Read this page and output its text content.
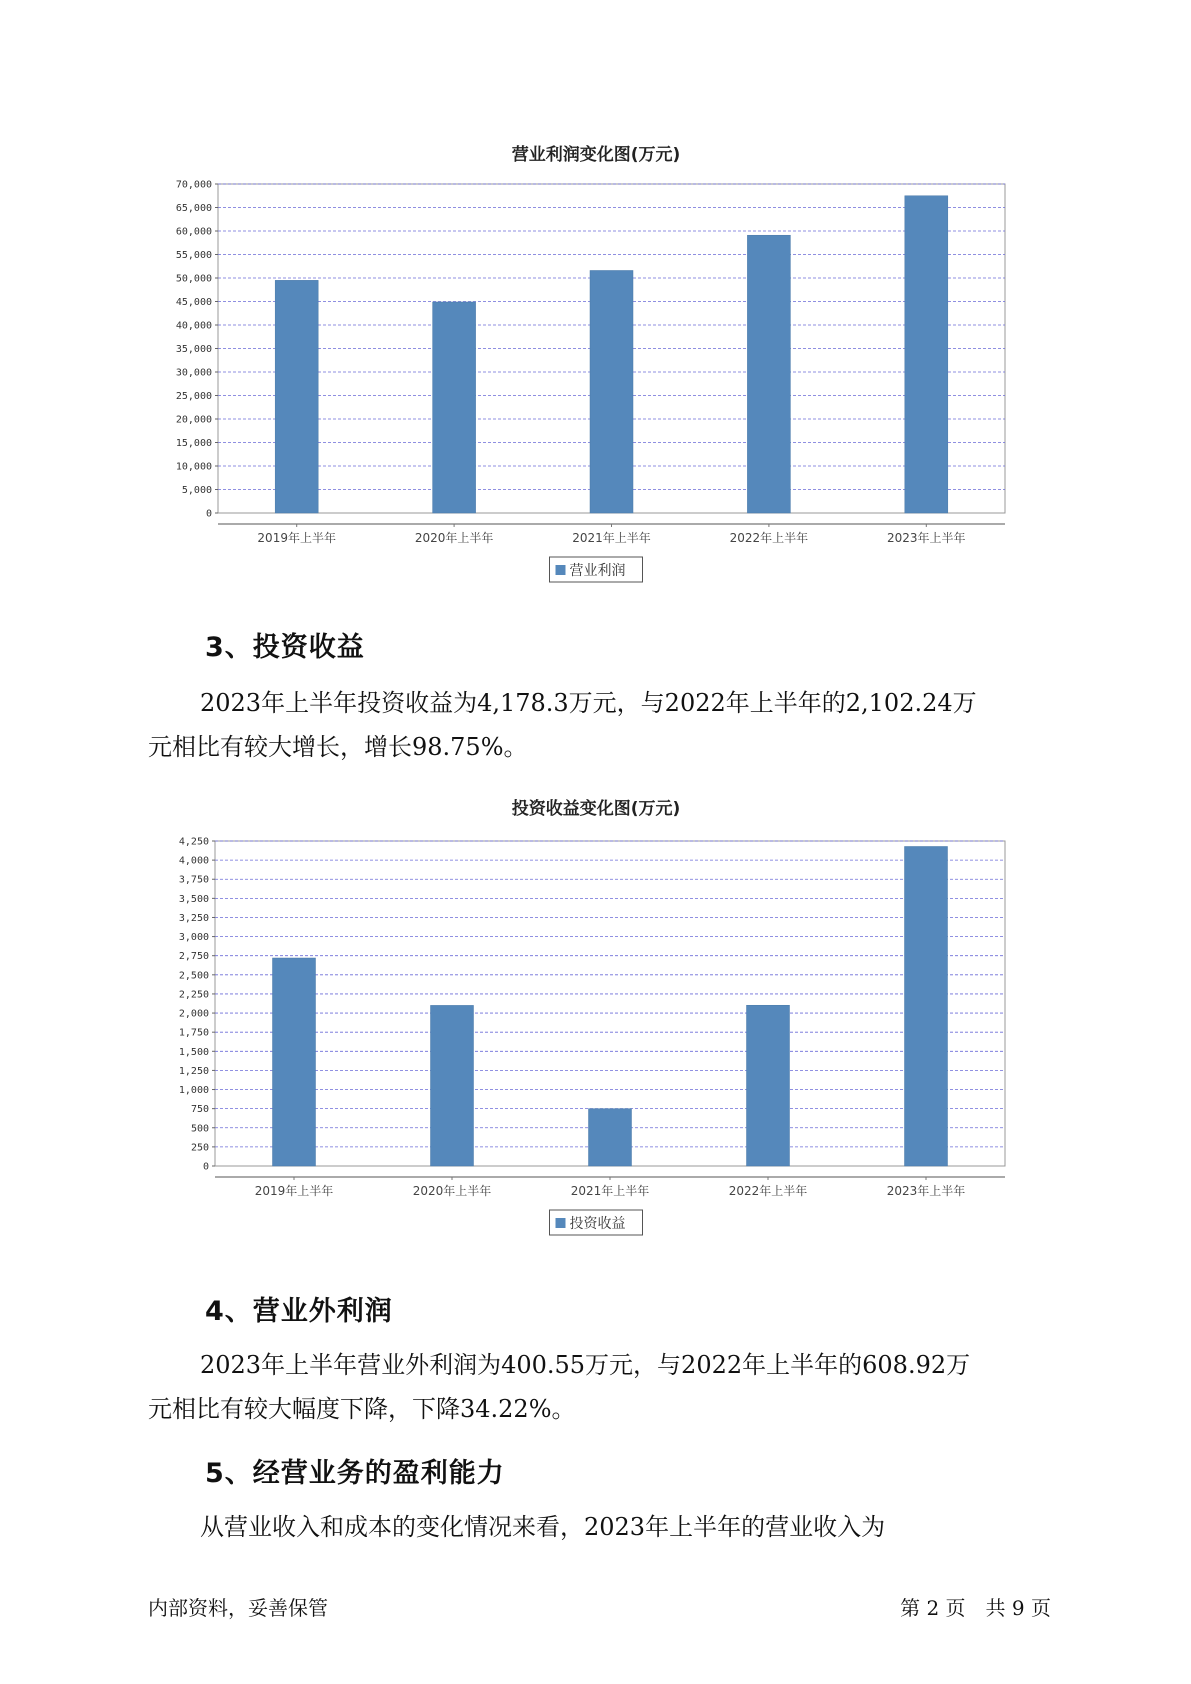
营业利润变化图(万元)
0
5,000
10,000
15,000
20,000
25,000
30,000
35,000
40,000
45,000
50,000
55,000
60,000
65,000
70,000
2019年上半年	2020年上半年	2021年上半年	2022年上半年	2023年上半年
营业利润
投资收益变化图(万元)
0
250
500
750
1,000
1,250
1,500
1,750
2,000
2,250
2,500
2,750
3,000
3,250
3,500
3,750
4,000
4,250
2019年上半年	2020年上半年	2021年上半年	2022年上半年	2023年上半年
投资收益
3、投资收益
2023年上半年投资收益为4,178.3万元，与2022年上半年的2,102.24万
元相比有较大增长，增长98.75%。
4、营业外利润
2023年上半年营业外利润为400.55万元，与2022年上半年的608.92万
元相比有较大幅度下降，下降34.22%。
5、经营业务的盈利能力
从营业收入和成本的变化情况来看，2023年上半年的营业收入为
内部资料，妥善保管	第 2 页　共 9 页
